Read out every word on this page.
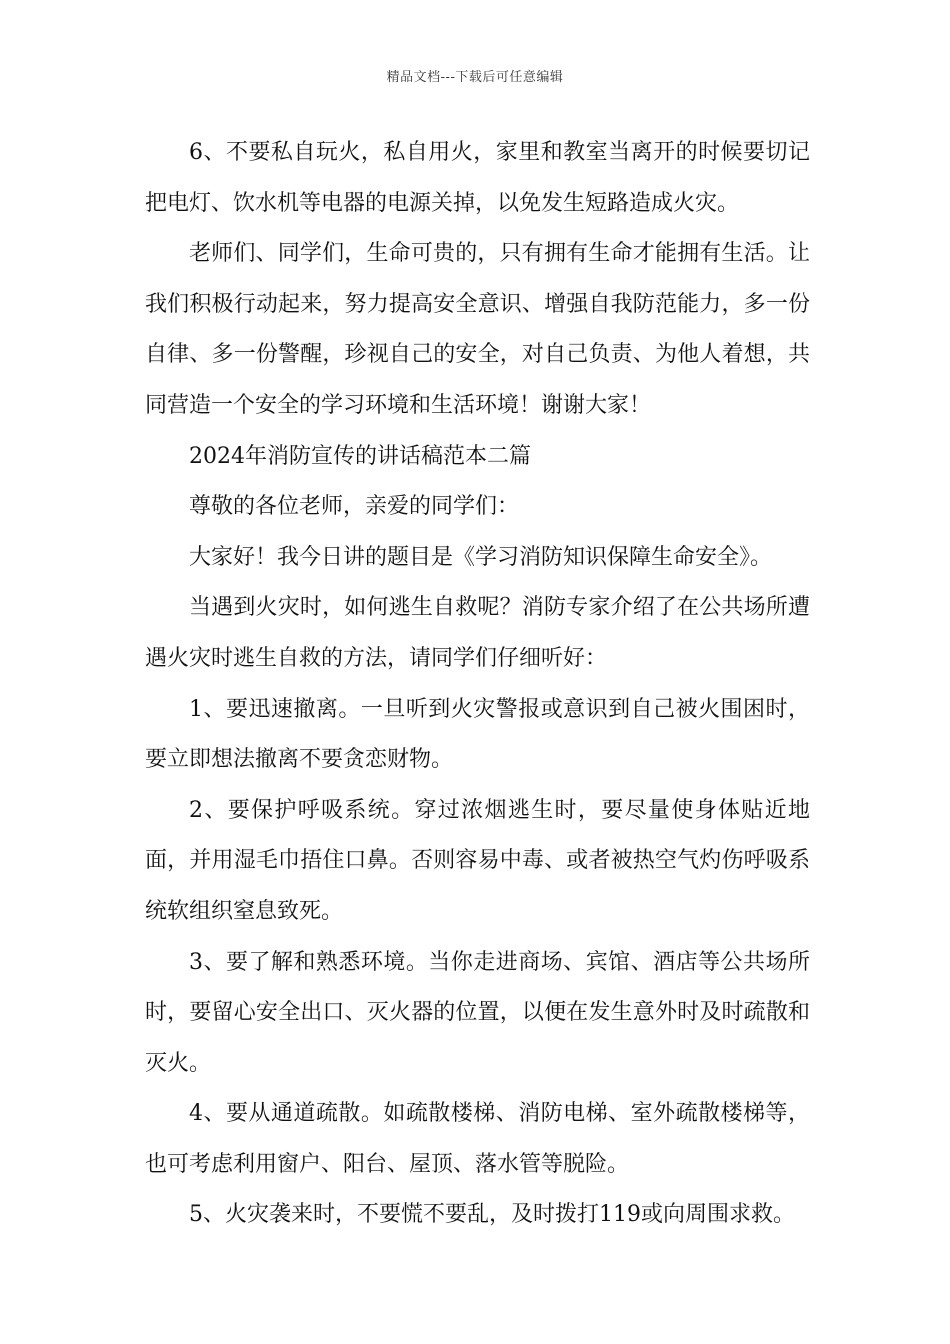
精品文档---下载后可任意编辑

6、不要私自玩火，私自用火，家里和教室当离开的时候要切记把电灯、饮水机等电器的电源关掉，以免发生短路造成火灾。

老师们、同学们，生命可贵的，只有拥有生命才能拥有生活。让我们积极行动起来，努力提高安全意识、增强自我防范能力，多一份自律、多一份警醒，珍视自己的安全，对自己负责、为他人着想，共同营造一个安全的学习环境和生活环境！谢谢大家！

2024年消防宣传的讲话稿范本二篇

尊敬的各位老师，亲爱的同学们：

大家好！我今日讲的题目是《学习消防知识保障生命安全》。

当遇到火灾时，如何逃生自救呢？消防专家介绍了在公共场所遭遇火灾时逃生自救的方法，请同学们仔细听好：

1、要迅速撤离。一旦听到火灾警报或意识到自己被火围困时，要立即想法撤离不要贪恋财物。

2、要保护呼吸系统。穿过浓烟逃生时，要尽量使身体贴近地面，并用湿毛巾捂住口鼻。否则容易中毒、或者被热空气灼伤呼吸系统软组织窒息致死。

3、要了解和熟悉环境。当你走进商场、宾馆、酒店等公共场所时，要留心安全出口、灭火器的位置，以便在发生意外时及时疏散和灭火。

4、要从通道疏散。如疏散楼梯、消防电梯、室外疏散楼梯等，也可考虑利用窗户、阳台、屋顶、落水管等脱险。

5、火灾袭来时，不要慌不要乱，及时拨打119或向周围求救。
